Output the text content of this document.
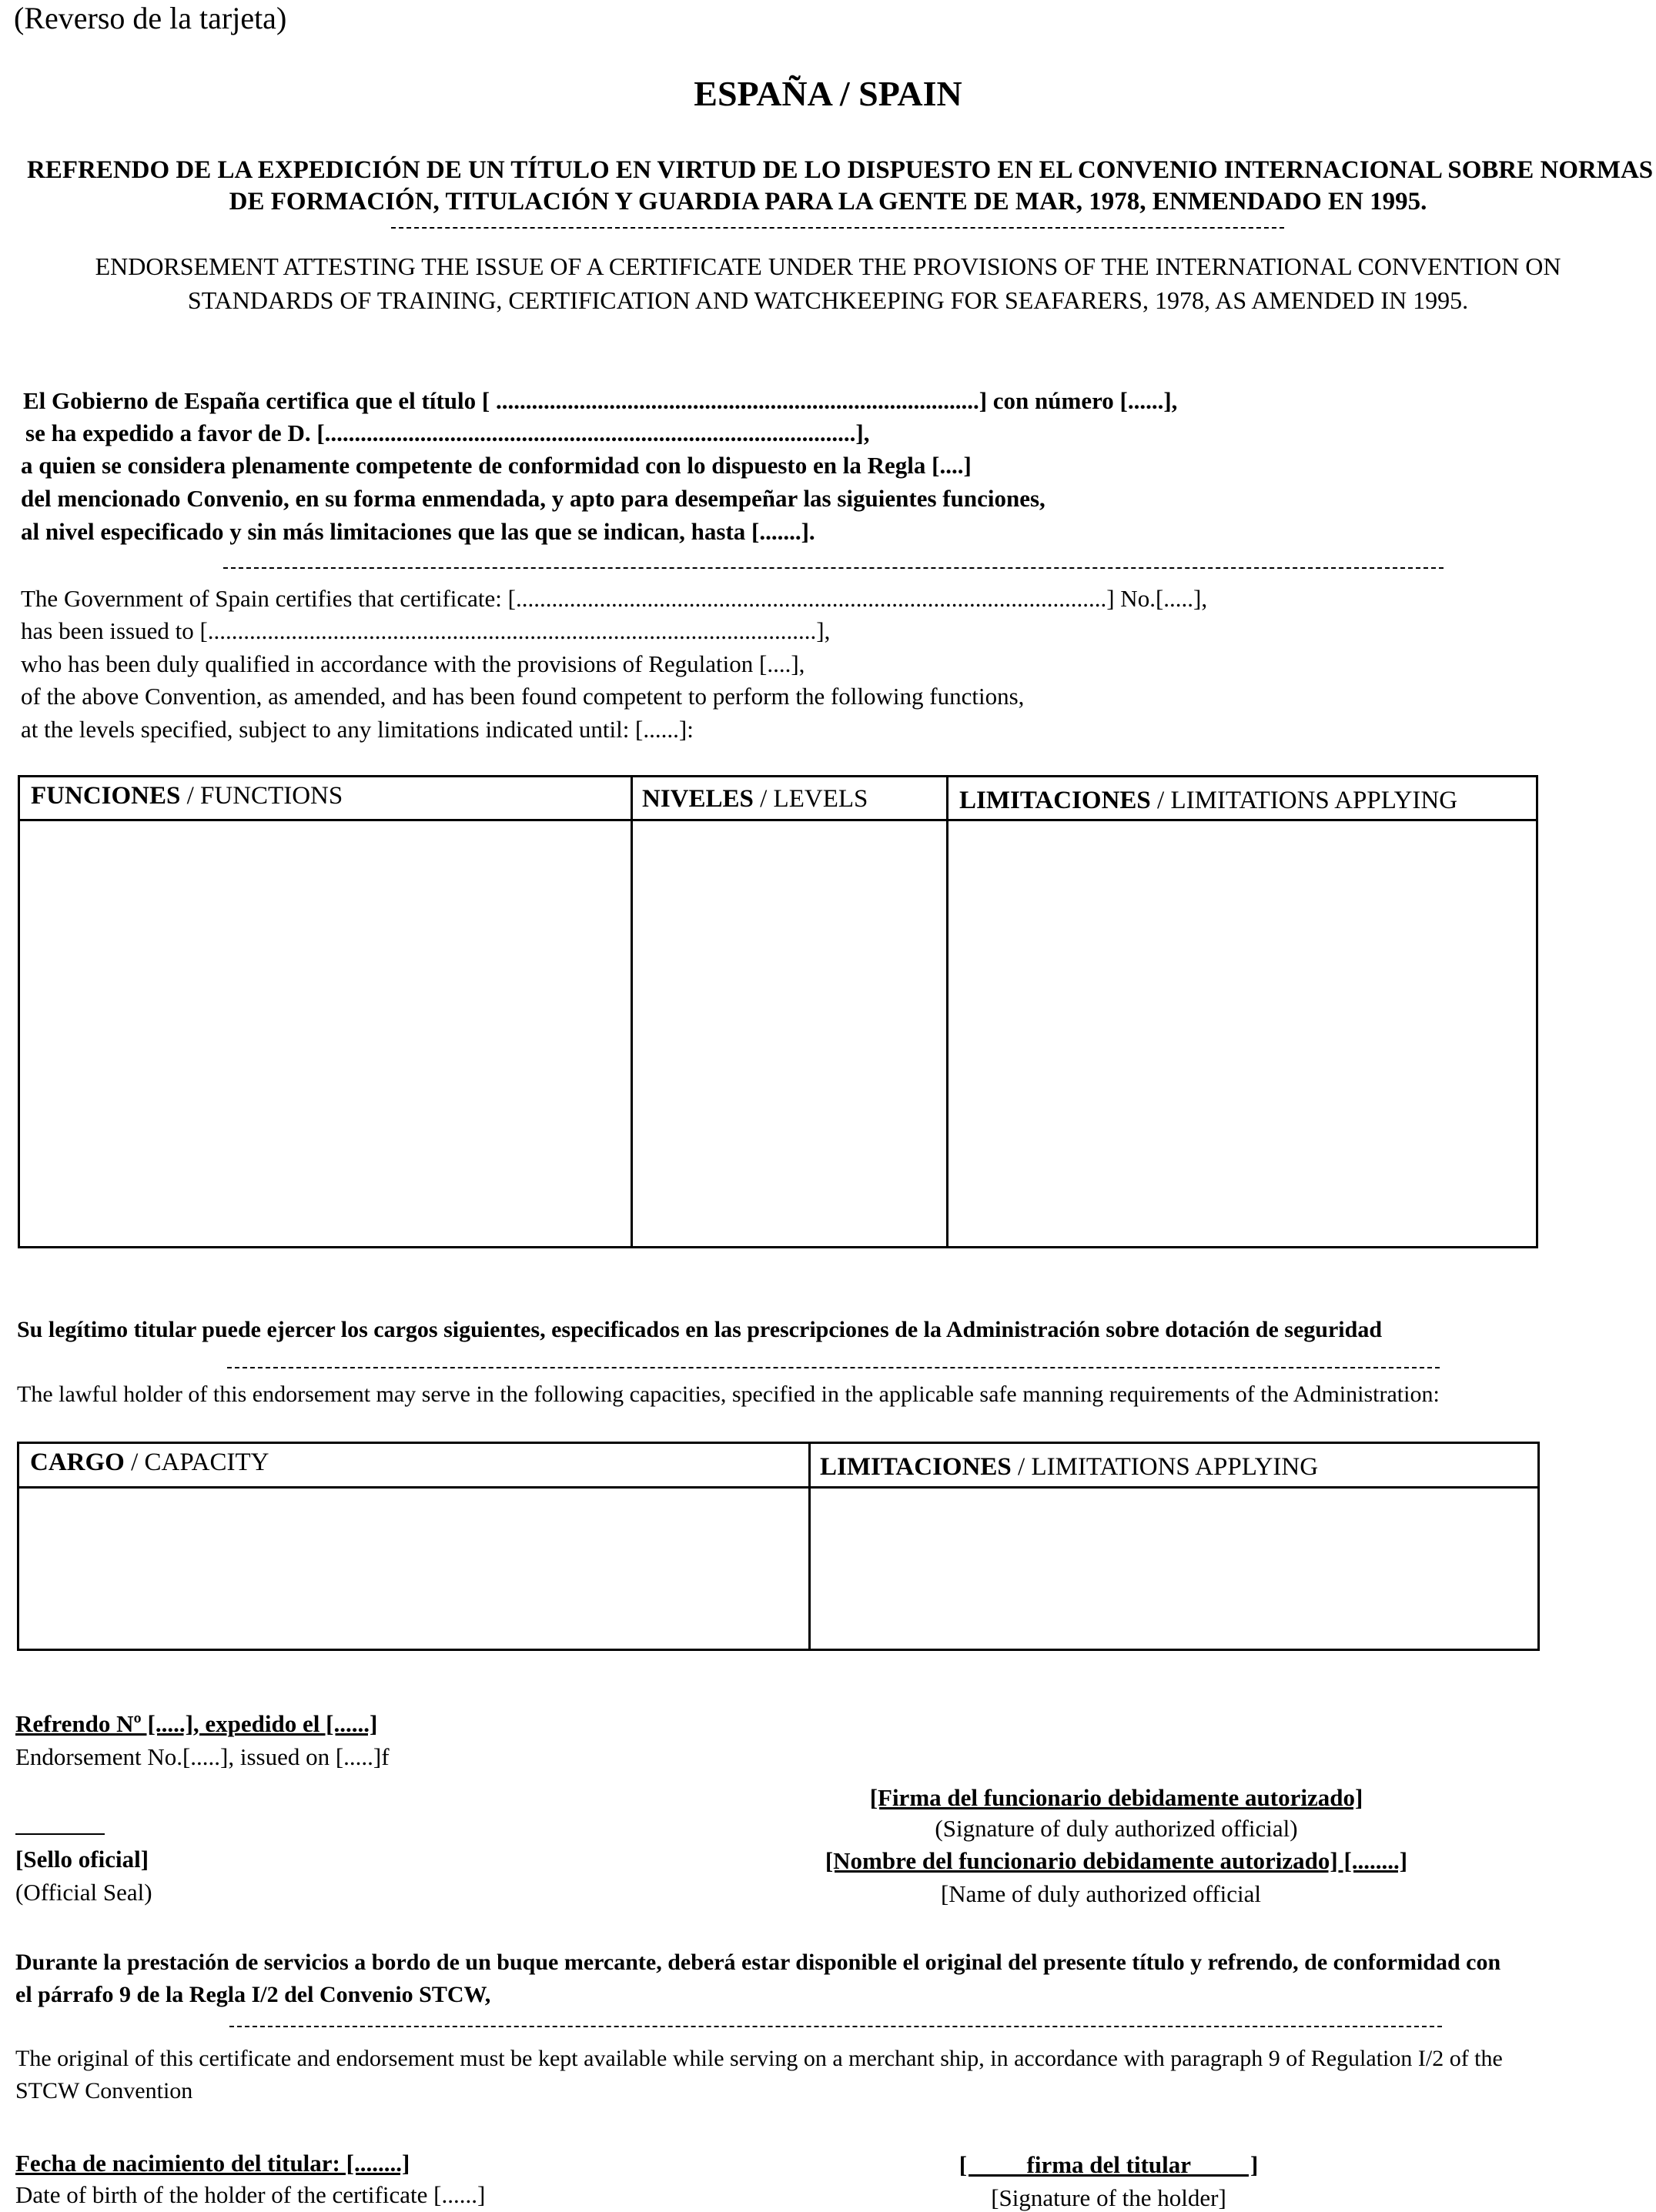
(Reverso de la tarjeta)
ESPAÑA / SPAIN
REFRENDO DE LA EXPEDICIÓN DE UN TÍTULO EN VIRTUD DE LO DISPUESTO EN EL CONVENIO INTERNACIONAL SOBRE NORMAS
DE FORMACIÓN, TITULACIÓN Y GUARDIA PARA LA GENTE DE MAR, 1978, ENMENDADO EN 1995.
ENDORSEMENT ATTESTING THE ISSUE OF A CERTIFICATE UNDER THE PROVISIONS OF THE INTERNATIONAL CONVENTION ON
STANDARDS OF TRAINING, CERTIFICATION AND WATCHKEEPING FOR SEAFARERS, 1978, AS AMENDED IN 1995.
El Gobierno de España certifica que el título [ .................................................................................] con número [......],
se ha expedido a favor de D. [.........................................................................................],
a quien se considera plenamente competente de conformidad con lo dispuesto en la Regla [....]
del mencionado Convenio, en su forma enmendada, y apto para desempeñar las siguientes funciones,
al nivel especificado y sin más limitaciones que las que se indican, hasta [.......].
The Government of Spain certifies that certificate: [...................................................................................................] No.[.....],
has been issued to [......................................................................................................],
who has been duly qualified in accordance with the provisions of Regulation [....],
of the above Convention, as amended, and has been found competent to perform the following functions,
at the levels specified, subject to any limitations indicated until: [......]:
FUNCIONES / FUNCTIONS	NIVELES / LEVELS	LIMITACIONES / LIMITATIONS APPLYING
Su legítimo titular puede ejercer los cargos siguientes, especificados en las prescripciones de la Administración sobre dotación de seguridad
The lawful holder of this endorsement may serve in the following capacities, specified in the applicable safe manning requirements of the Administration:
CARGO / CAPACITY	LIMITACIONES / LIMITATIONS APPLYING
Refrendo Nº [.....], expedido el [......]
Endorsement No.[.....], issued on [.....]f
[Firma del funcionario debidamente autorizado]
(Signature of duly authorized official)
[Sello oficial]
(Official Seal)
[Nombre del funcionario debidamente autorizado] [........]
[Name of duly authorized official
Durante la prestación de servicios a bordo de un buque mercante, deberá estar disponible el original del presente título y refrendo, de conformidad con
el párrafo 9 de la Regla I/2 del Convenio STCW,
The original of this certificate and endorsement must be kept available while serving on a merchant ship, in accordance with paragraph 9 of Regulation I/2 of the
STCW Convention
Fecha de nacimiento del titular: [........]
Date of birth of the holder of the certificate [......]
[          firma del titular          ]
[Signature of the holder]
